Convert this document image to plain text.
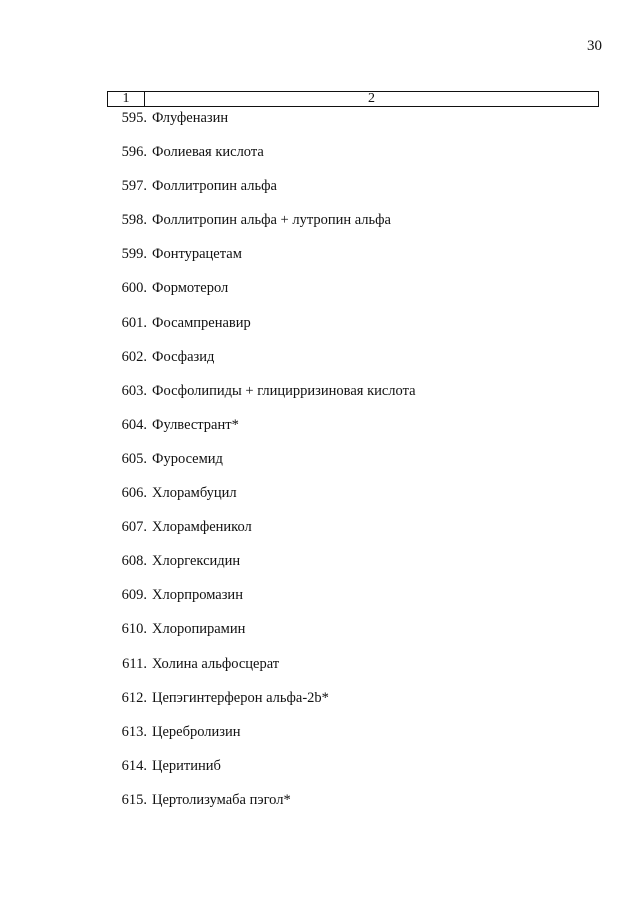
30
1	2
595. Флуфеназин
596. Фолиевая кислота
597. Фоллитропин альфа
598. Фоллитропин альфа + лутропин альфа
599. Фонтурацетам
600. Формотерол
601. Фосампренавир
602. Фосфазид
603. Фосфолипиды + глицирризиновая кислота
604. Фулвестрант*
605. Фуросемид
606. Хлорамбуцил
607. Хлорамфеникол
608. Хлоргексидин
609. Хлорпромазин
610. Хлоропирамин
611. Холина альфосцерат
612. Цепэгинтерферон альфа-2b*
613. Церебролизин
614. Церитиниб
615. Цертолизумаба пэгол*
